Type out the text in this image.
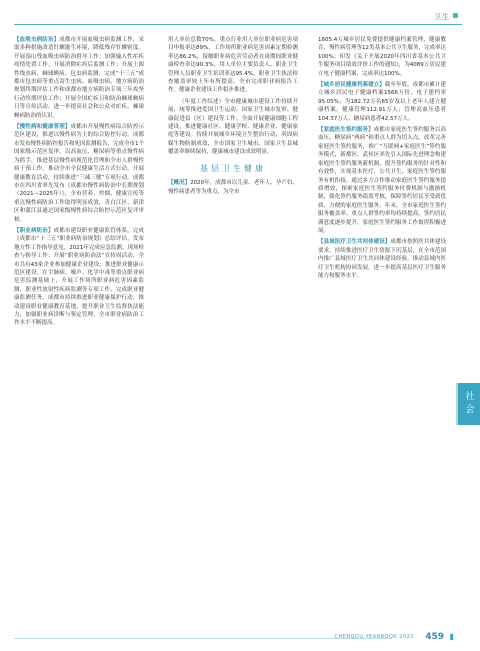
卫生

【血吸虫病防治】成都市开展血吸虫病监测工作，采取多种措施改造钉螺滋生环境，降低残存钉螺密度。开展湿山残血吸虫病防治督导工作；加强输入性疟疾疫情处置工作。开展消除疟疾后监测工作；开展土源性线虫病、棘球蚴病、包虫病监测，完成“十三五”成都市包虫病等重点寄生虫病、血吸虫病、地方病防治规划终期评估工作和成都市地方病防治专项三年攻坚行动终期评估工作；开展全国疟疾日和防治棘球蚴病日等宣传活动，进一步提高社会和公众对疟疾、棘球蚴病防治的认识。

【慢性病和健康管理】成都市开展慢性病综合防控示范区建设，推进以慢性病为主的综合防控行动。成都市发布慢性病防控报告和死因监测报告，完成全市1个国家级示范区复审。以高血压、糖尿病等重点慢性病为抓手，推进基层慢性病规范化管理和全市人群慢性病干预工作，推动全市全民健康生活方式行动，开展健康教育活动，持续推进“三减三健”专项行动。成都市在四川省率先发布《成都市慢性病防治中长期规划（2021—2025年）》，全市营养、控烟、健康宣传等重点慢性病防治工作取得明显成效，青白江区、新津区和蒲江县通过国家级慢性病综合防控示范区复评审核。

【职业病防治】成都市建设职业健康监管体系，完成《成都市“十三五”职业病防治规划》总结评估，发布地方性工作指导意见。2021年完成应急监测、现场检查与指导工作；开展“职业病防治法”宣传周活动，全市共有43家企业参加健康企业建设；推进职业健康示范区建设。在尘肺病、噪声、化学中毒等重点职业病危害监测基础上，开展工作场所职业病危害因素监测、职业性放射性疾病监测等专项工作，完成职业健康监测任务。成都市持续推进职业健康保护行动，推动建设职业健康教育基地，提升职业卫生监督执法能力，加强职业病诊断与鉴定管理，全市职业病防治工作水平不断提高。

用人单位总数70%，重点行业用人单位职业病危害项目申报率达89%，工作场所职业病危害因素定期检测率达86.2%，接触职业病危害劳动者在岗期间职业健康检查率达90.3%，用人单位主要负责人、职业卫生管理人员职业卫生培训率达95.4%，职业卫生执法检查覆盖率较上年有所提高。全市完成职业病报告工作。健康企业建设工作稳步推进。

（年度工作综述）全市健康城市建设工作持续开展，统筹推进爱国卫生运动、国家卫生城市复审、健康促进县（区）建设等工作。全面开展健康细胞工程建设，推进健康社区、健康学校、健康企业、健康家庭等建设。持续开展城乡环境卫生整治行动，巩固病媒生物防制成效，全市国家卫生城市、国家卫生县城覆盖率继续保持，健康城市建设成效明显。

基层卫生健康

【概况】2020年，成都市以儿童、老年人、孕产妇、慢性病患者等为重点，为全市

1605.4万城乡居民免费提供健康档案管理、健康教育、慢性病管理等12类基本公共卫生服务，完成率达100%；印发《关于开展2020年四川省基本公共卫生服务项目绩效评价工作的通知》，为4089万居民建立电子健康档案，完成率达100%。

【城乡居民健康档案建立】截至年底，成都市累计建立城乡居民电子健康档案1566万份，电子建档率95.05%；为182.72万名65岁及以上老年人建立健康档案，健康管理112.91万人；管理高血压患者104.37万人、糖尿病患者42.57万人。

【家庭医生签约服务】成都市家庭医生签约服务以高血压、糖尿病“两病”和重点人群为切入点，改革完善家庭医生签约服务，推广“互联网+家庭医生”签约服务模式，新都区、武侯区率先引入国际先进理念构建家庭医生签约服务新机制，提升签约服务的针对性和有效性，实现基本医疗、公共卫生、家庭医生签约服务有机衔接。通过多方合作推动家庭医生签约服务提质增效，探索家庭医生签约服务付费机制与激励机制，强化签约服务绩效考核，保障签约居民享受到优质、方便的家庭医生服务。年末，全市家庭医生签约服务覆盖率、重点人群签约率均持续提高，签约居民满意度逐步提升，家庭医生签约服务工作取得积极进展。

【县域医疗卫生共同体建设】成都市按照医共体建设要求，持续推进医疗卫生资源下沉基层，在全市范围内推广县域医疗卫生共同体建设经验，推动县域内医疗卫生机构协同发展，进一步提高基层医疗卫生服务能力和服务水平。

社会
CHENGDU YEARBOOK 2022 459 ▮
